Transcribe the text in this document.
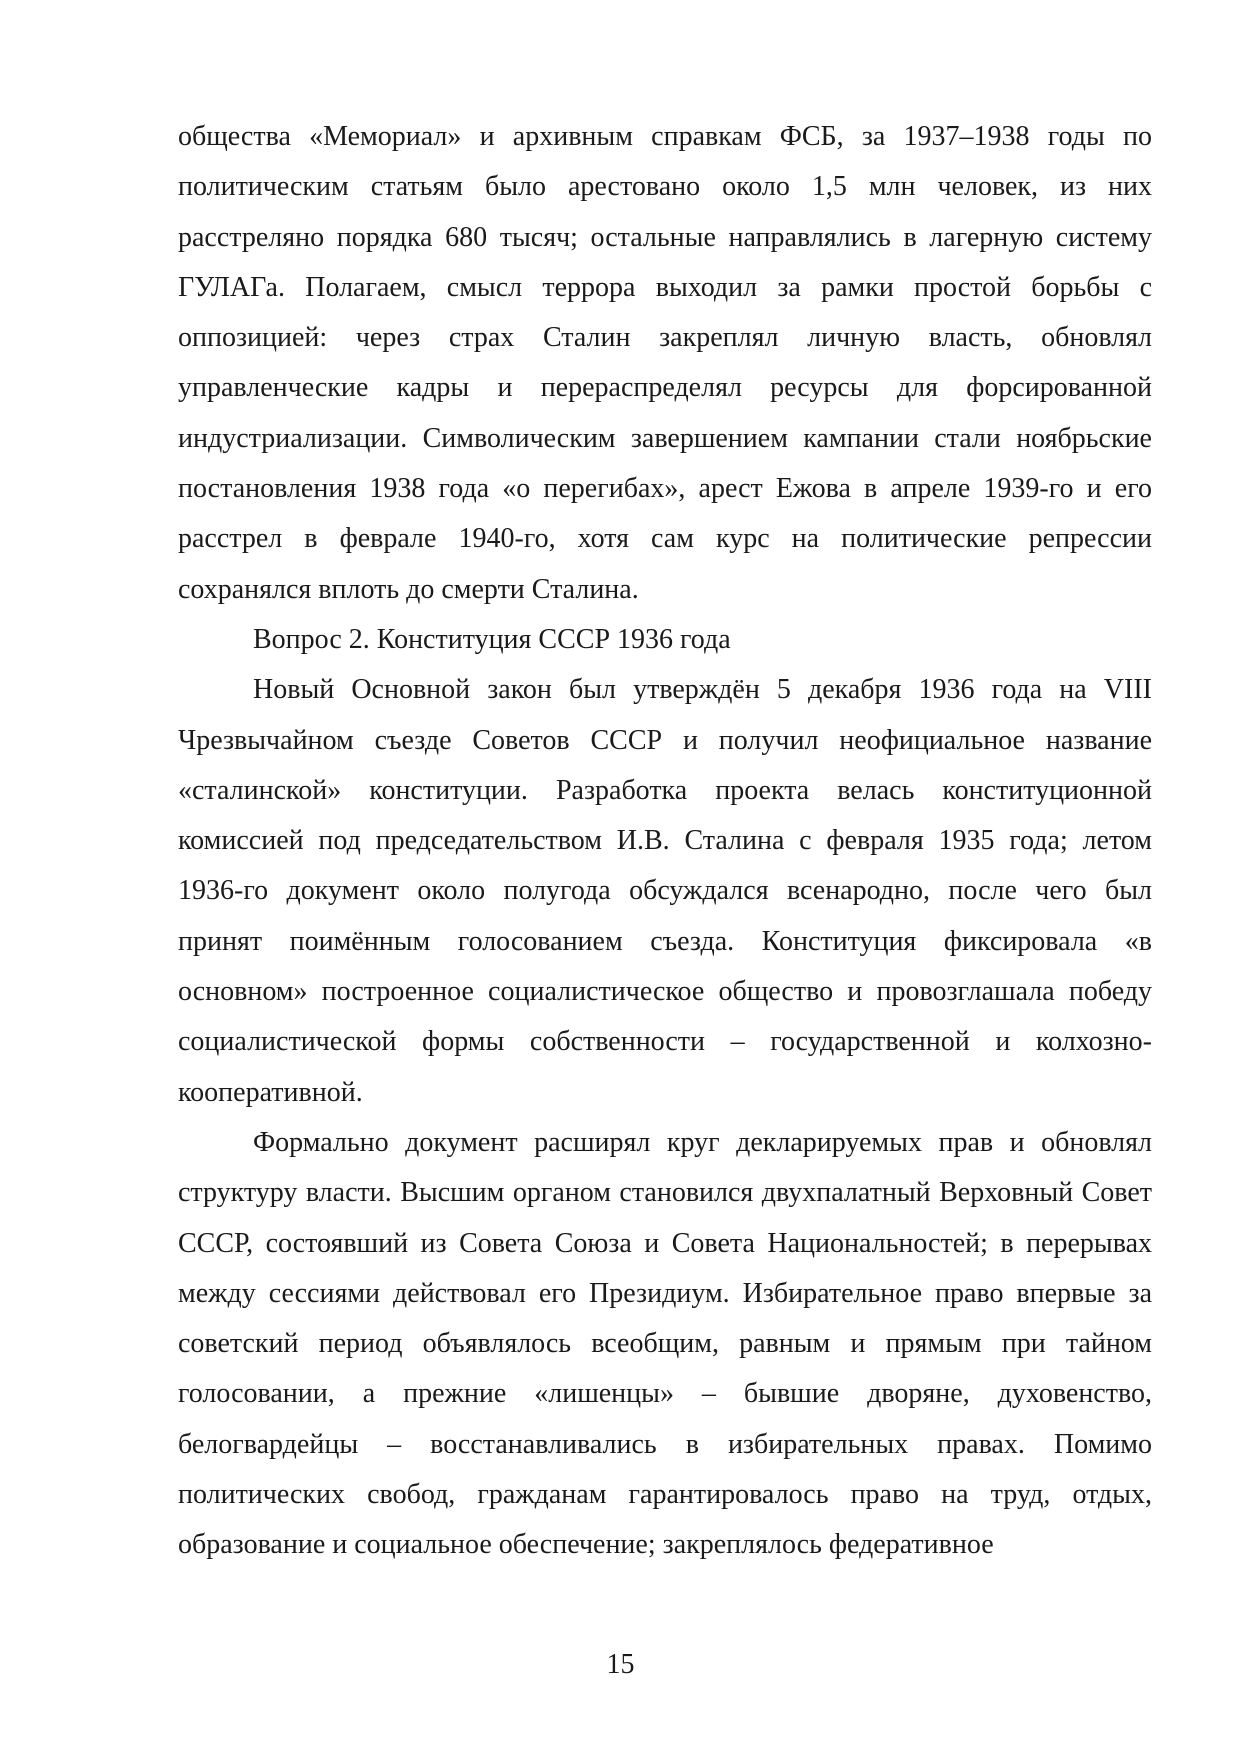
общества «Мемориал» и архивным справкам ФСБ, за 1937–1938 годы по политическим статьям было арестовано около 1,5 млн человек, из них расстреляно порядка 680 тысяч; остальные направлялись в лагерную систему ГУЛАГа. Полагаем, смысл террора выходил за рамки простой борьбы с оппозицией: через страх Сталин закреплял личную власть, обновлял управленческие кадры и перераспределял ресурсы для форсированной индустриализации. Символическим завершением кампании стали ноябрьские постановления 1938 года «о перегибах», арест Ежова в апреле 1939-го и его расстрел в феврале 1940-го, хотя сам курс на политические репрессии сохранялся вплоть до смерти Сталина.

Вопрос 2. Конституция СССР 1936 года

Новый Основной закон был утверждён 5 декабря 1936 года на VIII Чрезвычайном съезде Советов СССР и получил неофициальное название «сталинской» конституции. Разработка проекта велась конституционной комиссией под председательством И.В. Сталина с февраля 1935 года; летом 1936-го документ около полугода обсуждался всенародно, после чего был принят поимённым голосованием съезда. Конституция фиксировала «в основном» построенное социалистическое общество и провозглашала победу социалистической формы собственности – государственной и колхозно-кооперативной.

Формально документ расширял круг декларируемых прав и обновлял структуру власти. Высшим органом становился двухпалатный Верховный Совет СССР, состоявший из Совета Союза и Совета Национальностей; в перерывах между сессиями действовал его Президиум. Избирательное право впервые за советский период объявлялось всеобщим, равным и прямым при тайном голосовании, а прежние «лишенцы» – бывшие дворяне, духовенство, белогвардейцы – восстанавливались в избирательных правах. Помимо политических свобод, гражданам гарантировалось право на труд, отдых, образование и социальное обеспечение; закреплялось федеративное

15
